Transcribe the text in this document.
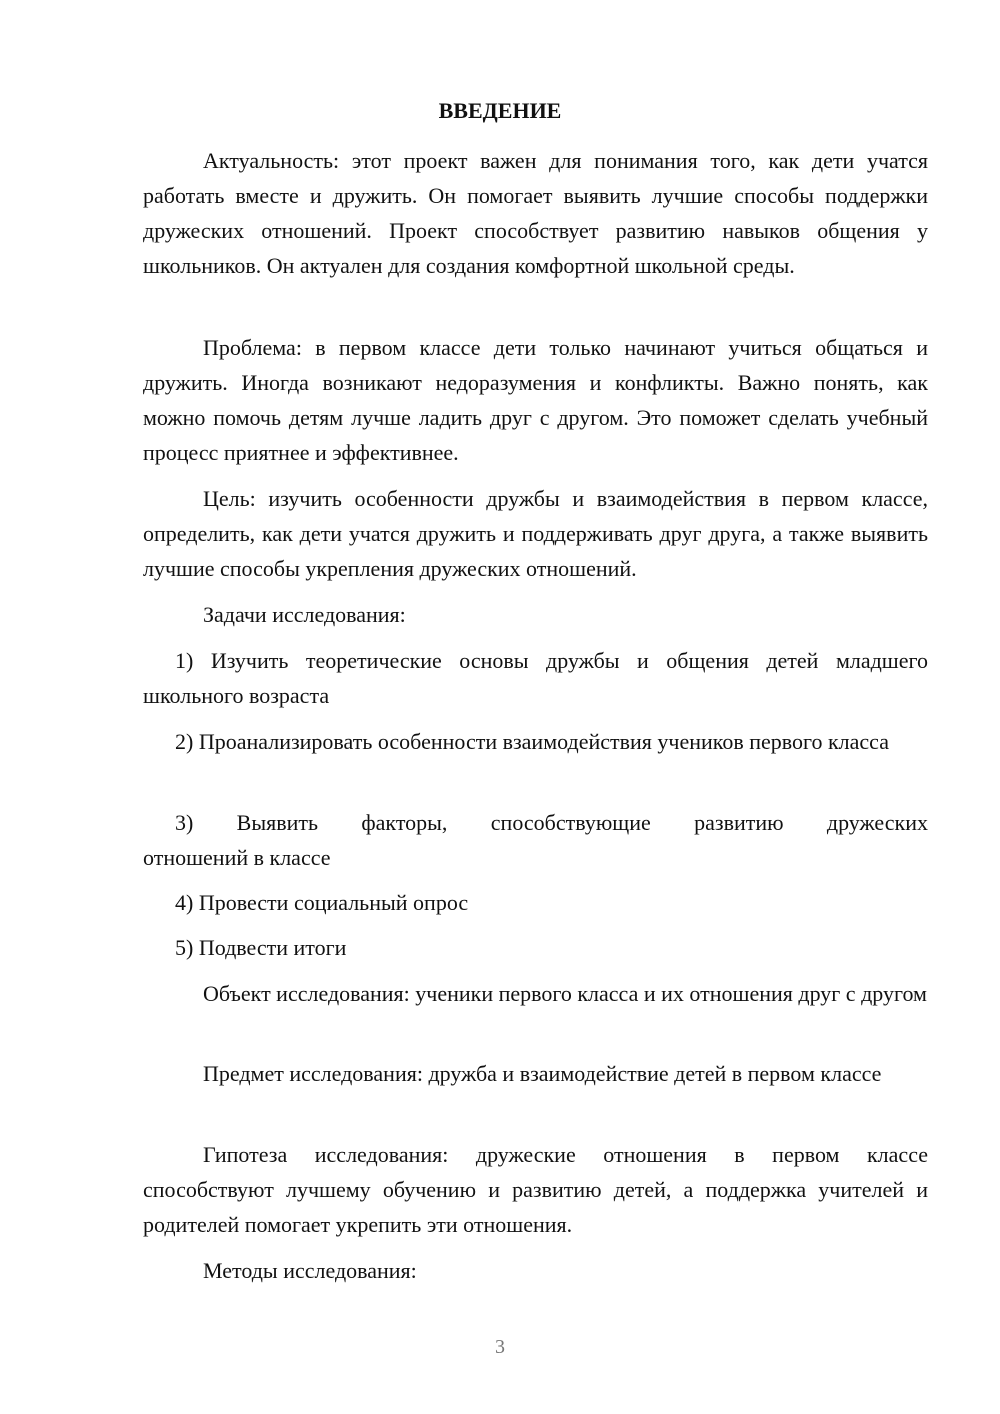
ВВЕДЕНИЕ

Актуальность: этот проект важен для понимания того, как дети учатся работать вместе и дружить. Он помогает выявить лучшие способы поддержки дружеских отношений. Проект способствует развитию навыков общения у школьников. Он актуален для создания комфортной школьной среды.

Проблема: в первом классе дети только начинают учиться общаться и дружить. Иногда возникают недоразумения и конфликты. Важно понять, как можно помочь детям лучше ладить друг с другом. Это поможет сделать учебный процесс приятнее и эффективнее.

Цель: изучить особенности дружбы и взаимодействия в первом классе, определить, как дети учатся дружить и поддерживать друг друга, а также выявить лучшие способы укрепления дружеских отношений.

Задачи исследования:

1) Изучить теоретические основы дружбы и общения детей младшего школьного возраста

2) Проанализировать особенности взаимодействия учеников первого класса

3) Выявить факторы, способствующие развитию дружеских
отношений в классе

4) Провести социальный опрос

5) Подвести итоги

Объект исследования: ученики первого класса и их отношения друг с другом

Предмет исследования: дружба и взаимодействие детей в первом классе

Гипотеза исследования: дружеские отношения в первом классе способствуют лучшему обучению и развитию детей, а поддержка учителей и родителей помогает укрепить эти отношения.

Методы исследования:

3
